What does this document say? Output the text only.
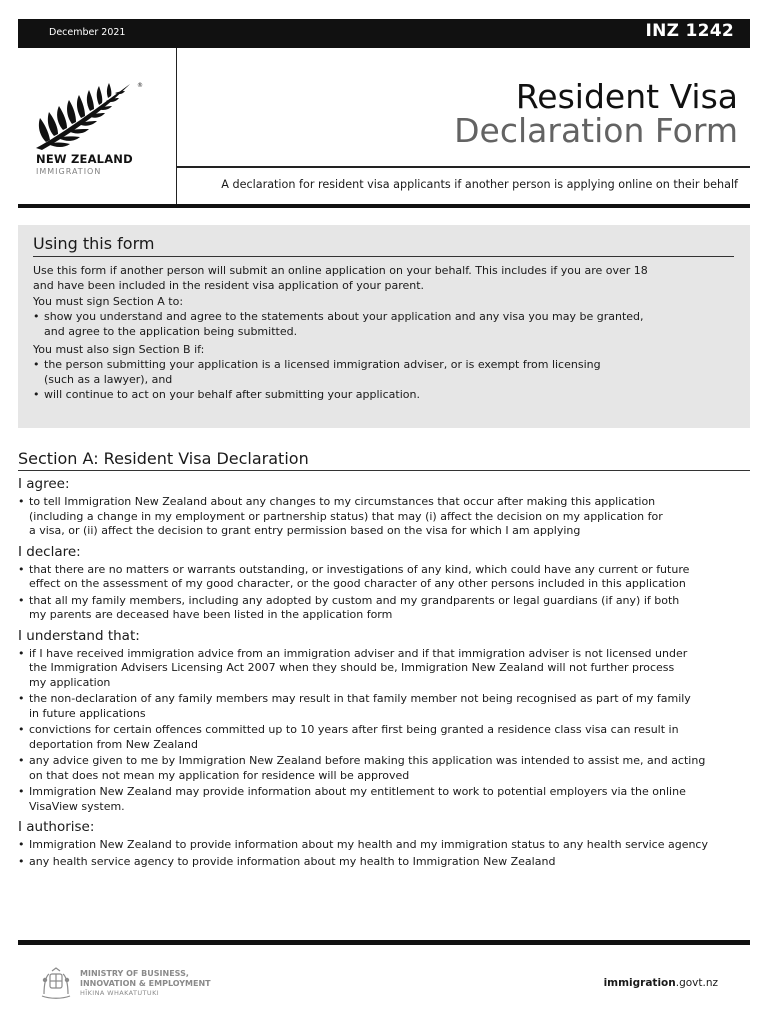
December 2021	INZ 1242
®
NEW ZEALAND
IMMIGRATION
Resident Visa
Declaration Form
A declaration for resident visa applicants if another person is applying online on their behalf
Using this form

Use this form if another person will submit an online application on your behalf. This includes if you are over 18
and have been included in the resident visa application of your parent.

You must sign Section A to:

• show you understand and agree to the statements about your application and any visa you may be granted,
and agree to the application being submitted.

You must also sign Section B if:

• the person submitting your application is a licensed immigration adviser, or is exempt from licensing
(such as a lawyer), and
• will continue to act on your behalf after submitting your application.
Section A: Resident Visa Declaration
I agree:
• to tell Immigration New Zealand about any changes to my circumstances that occur after making this application
(including a change in my employment or partnership status) that may (i) affect the decision on my application for
a visa, or (ii) affect the decision to grant entry permission based on the visa for which I am applying
I declare:
• that there are no matters or warrants outstanding, or investigations of any kind, which could have any current or future
effect on the assessment of my good character, or the good character of any other persons included in this application
• that all my family members, including any adopted by custom and my grandparents or legal guardians (if any) if both
my parents are deceased have been listed in the application form
I understand that:
• if I have received immigration advice from an immigration adviser and if that immigration adviser is not licensed under
the Immigration Advisers Licensing Act 2007 when they should be, Immigration New Zealand will not further process
my application
• the non-declaration of any family members may result in that family member not being recognised as part of my family
in future applications
• convictions for certain offences committed up to 10 years after first being granted a residence class visa can result in
deportation from New Zealand
• any advice given to me by Immigration New Zealand before making this application was intended to assist me, and acting
on that does not mean my application for residence will be approved
• Immigration New Zealand may provide information about my entitlement to work to potential employers via the online
VisaView system.
I authorise:
• Immigration New Zealand to provide information about my health and my immigration status to any health service agency
• any health service agency to provide information about my health to Immigration New Zealand
MINISTRY OF BUSINESS,
INNOVATION & EMPLOYMENT
HĪKINA WHAKATUTUKI
immigration.govt.nz
